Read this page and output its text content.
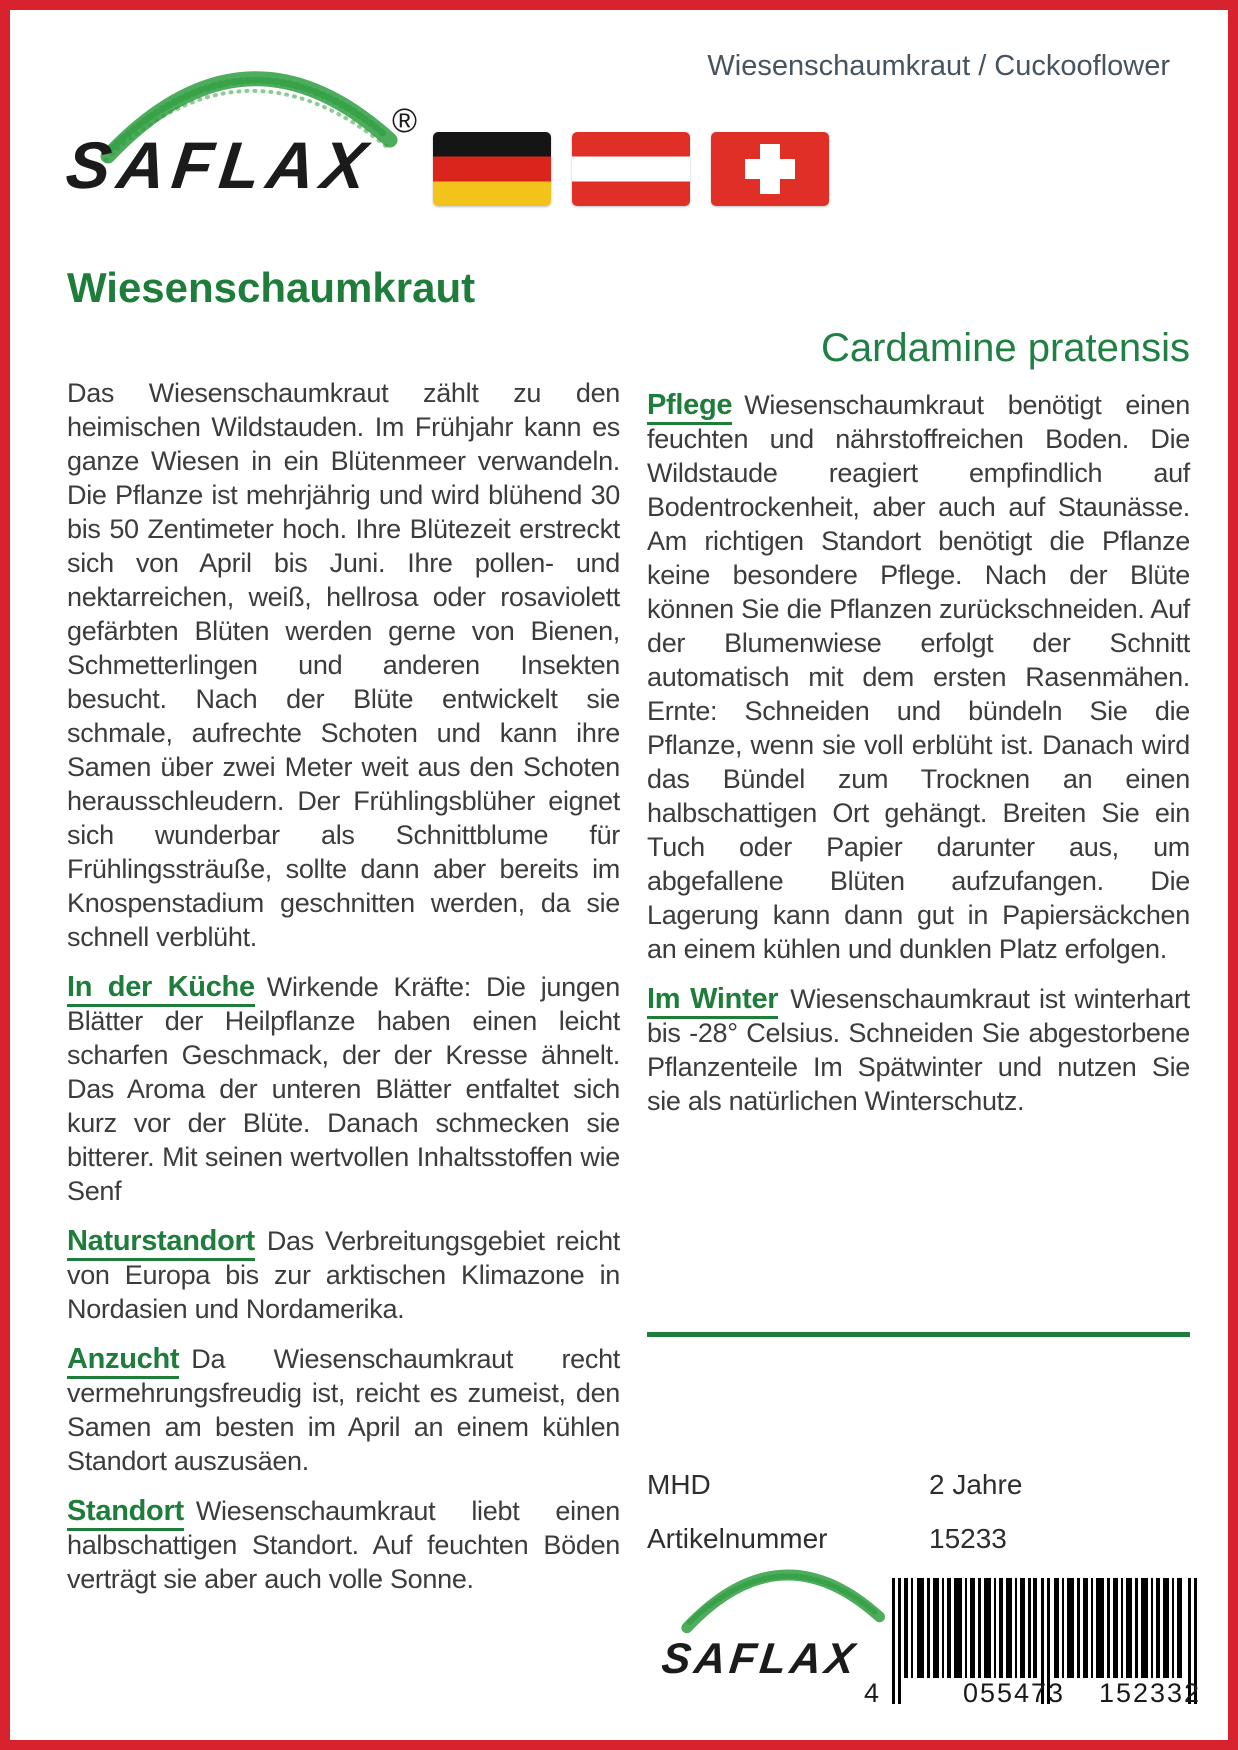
SAFLAX
®
Wiesenschaumkraut / Cuckooflower
Wiesenschaumkraut

Das Wiesenschaumkraut zählt zu den heimischen Wildstauden. Im Frühjahr kann es ganze Wiesen in ein Blütenmeer verwandeln. Die Pflanze ist mehrjährig und wird blühend 30 bis 50 Zentimeter hoch. Ihre Blütezeit erstreckt sich von April bis Juni. Ihre pollen- und nektarreichen, weiß, hellrosa oder rosaviolett gefärbten Blüten werden gerne von Bienen, Schmetterlingen und anderen Insekten besucht. Nach der Blüte entwickelt sie schmale, aufrechte Schoten und kann ihre Samen über zwei Meter weit aus den Schoten herausschleudern. Der Frühlingsblüher eignet sich wunderbar als Schnittblume für Frühlingssträuße, sollte dann aber bereits im Knospenstadium geschnitten werden, da sie schnell verblüht.

In der Küche Wirkende Kräfte: Die jungen Blätter der Heilpflanze haben einen leicht scharfen Geschmack, der der Kresse ähnelt. Das Aroma der unteren Blätter entfaltet sich kurz vor der Blüte. Danach schmecken sie bitterer. Mit seinen wertvollen Inhaltsstoffen wie Senf

Naturstandort Das Verbreitungsgebiet reicht von Europa bis zur arktischen Klimazone in Nordasien und Nordamerika.

Anzucht Da Wiesenschaumkraut recht vermehrungsfreudig ist, reicht es zumeist, den Samen am besten im April an einem kühlen Standort auszusäen.

Standort Wiesenschaumkraut liebt einen halbschattigen Standort. Auf feuchten Böden verträgt sie aber auch volle Sonne.

Cardamine pratensis

Pflege Wiesenschaumkraut benötigt einen feuchten und nährstoffreichen Boden. Die Wildstaude reagiert empfindlich auf Bodentrockenheit, aber auch auf Staunässe. Am richtigen Standort benötigt die Pflanze keine besondere Pflege. Nach der Blüte können Sie die Pflanzen zurückschneiden. Auf der Blumenwiese erfolgt der Schnitt automatisch mit dem ersten Rasenmähen. Ernte: Schneiden und bündeln Sie die Pflanze, wenn sie voll erblüht ist. Danach wird das Bündel zum Trocknen an einen halbschattigen Ort gehängt. Breiten Sie ein Tuch oder Papier darunter aus, um abgefallene Blüten aufzufangen. Die Lagerung kann dann gut in Papiersäckchen an einem kühlen und dunklen Platz erfolgen.

Im Winter Wiesenschaumkraut ist winterhart bis -28° Celsius. Schneiden Sie abgestorbene Pflanzenteile Im Spätwinter und nutzen Sie sie als natürlichen Winterschutz.

MHD	2 Jahre
Artikelnummer	15233
SAFLAX
4	055473	152332
